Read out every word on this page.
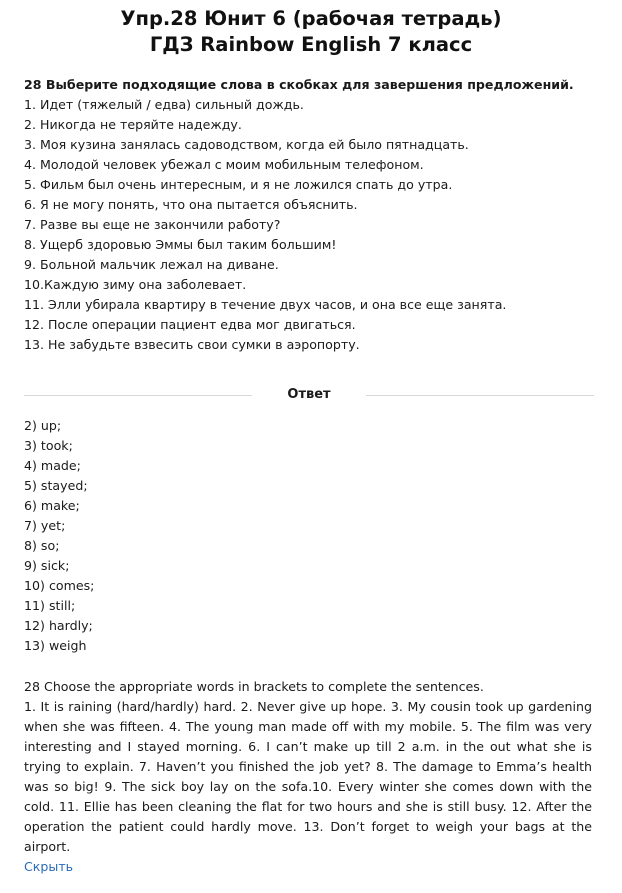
Упр.28 Юнит 6 (рабочая тетрадь)
ГДЗ Rainbow English 7 класс
28 Выберите подходящие слова в скобках для завершения предложений.
1. Идет (тяжелый / едва) сильный дождь.
2. Никогда не теряйте надежду.
3. Моя кузина занялась садоводством, когда ей было пятнадцать.
4. Молодой человек убежал с моим мобильным телефоном.
5. Фильм был очень интересным, и я не ложился спать до утра.
6. Я не могу понять, что она пытается объяснить.
7. Разве вы еще не закончили работу?
8. Ущерб здоровью Эммы был таким большим!
9. Больной мальчик лежал на диване.
10.Каждую зиму она заболевает.
11. Элли убирала квартиру в течение двух часов, и она все еще занята.
12. После операции пациент едва мог двигаться.
13. Не забудьте взвесить свои сумки в аэропорту.
Ответ
2) up;
3) took;
4) made;
5) stayed;
6) make;
7) yet;
8) so;
9) sick;
10) comes;
11) still;
12) hardly;
13) weigh
28 Choose the appropriate words in brackets to complete the sentences.
1. It is raining (hard/hardly) hard. 2. Never give up hope. 3. My cousin took up gardening when she was fifteen. 4. The young man made off with my mobile. 5. The film was very interesting and I stayed morning. 6. I can’t make up till 2 a.m. in the out what she is trying to explain. 7. Haven’t you finished the job yet? 8. The damage to Emma’s health was so big! 9. The sick boy lay on the sofa.10. Every winter she comes down with the cold. 11. Ellie has been cleaning the flat for two hours and she is still busy. 12. After the operation the patient could hardly move. 13. Don’t forget to weigh your bags at the airport.
Скрыть
